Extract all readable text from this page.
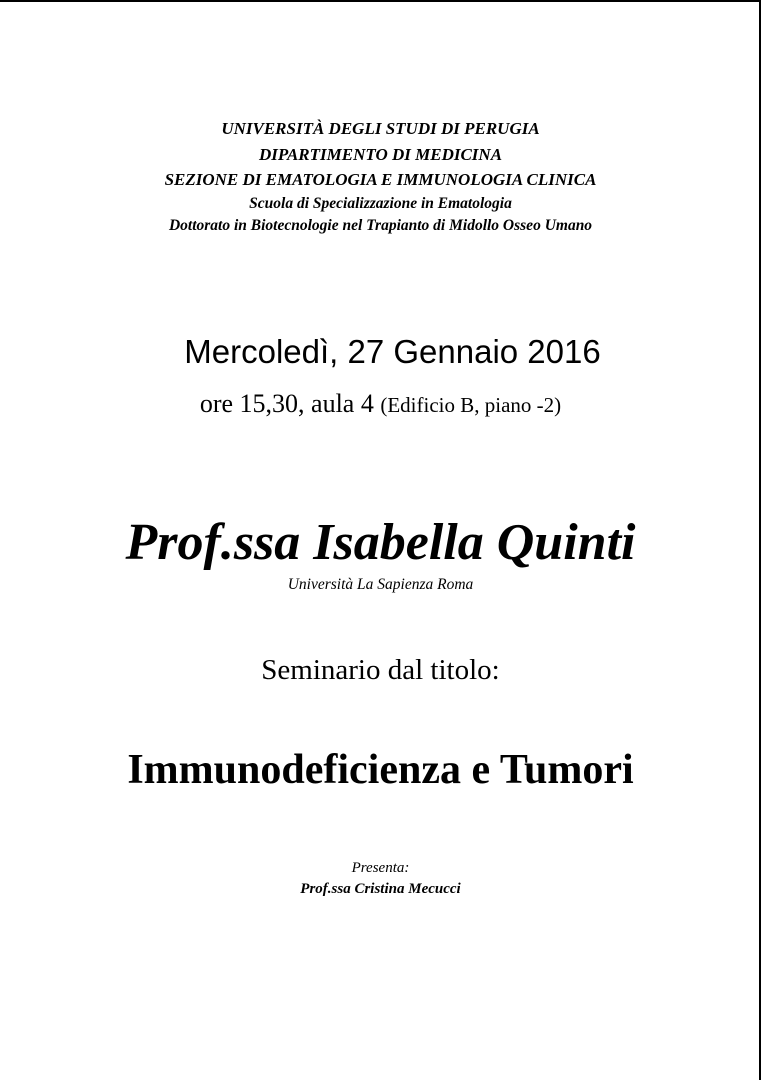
UNIVERSITÀ DEGLI STUDI DI PERUGIA
DIPARTIMENTO DI MEDICINA
SEZIONE DI EMATOLOGIA E IMMUNOLOGIA CLINICA
Scuola di Specializzazione in Ematologia
Dottorato in Biotecnologie nel Trapianto di Midollo Osseo Umano
Mercoledì, 27 Gennaio 2016
ore 15,30, aula 4 (Edificio B, piano -2)
Prof.ssa Isabella Quinti
Università La Sapienza Roma
Seminario dal titolo:
Immunodeficienza e Tumori
Presenta:
Prof.ssa Cristina Mecucci
